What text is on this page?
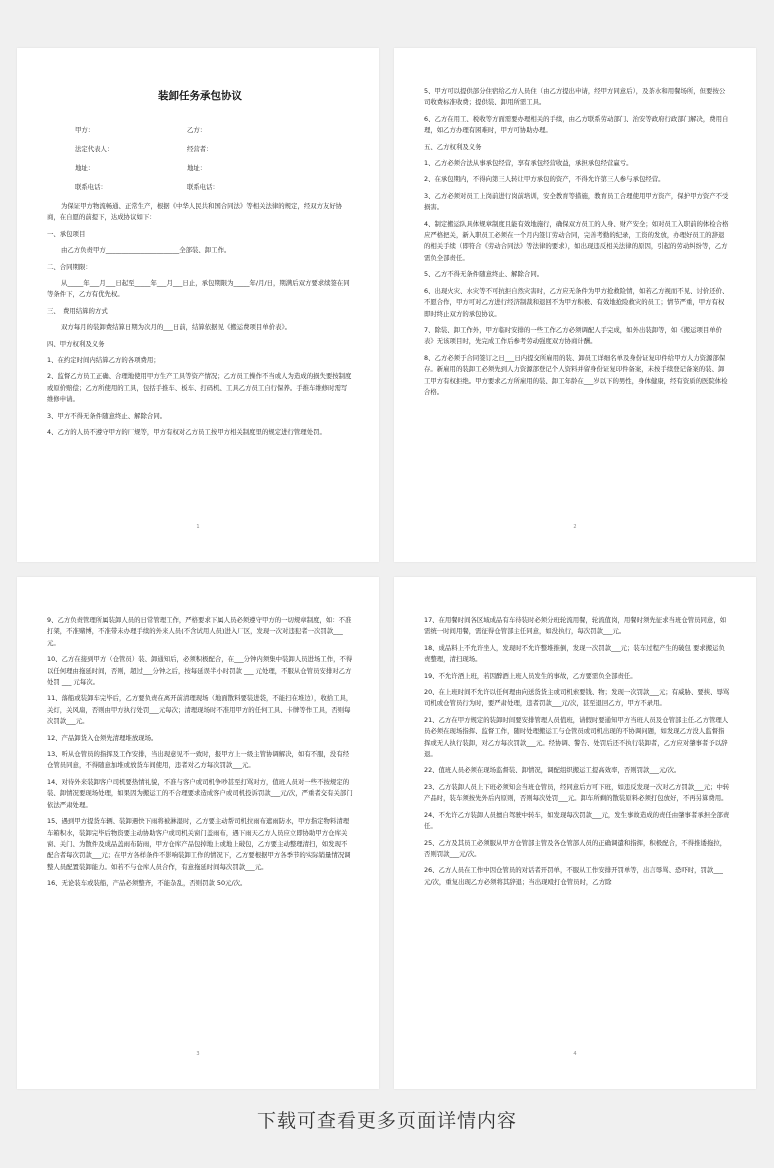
装卸任务承包协议
甲方：	乙方：
法定代表人：	经营者：
地址：	地址：
联系电话：	联系电话：
为保证甲方物流畅通、正常生产，根据《中华人民共和国合同法》等相关法律的规定，经双方友好协商，在自愿的前提下，达成协议如下：
一、承包项目
由乙方负责甲方_______________________全部装、卸工作。
二、合同期限：
从_____年___月___日起至_____年___月___日止，承包期限为_____年/月/日，期满后双方要求续签在同等条件下，乙方有优先权。
三、　费用结算的方式
双方每月的装卸费结算日期为次月的___日前，结算依据见《搬运费项目单价表》。
四、甲方权利及义务
1、在约定时间内结算乙方的各项费用；
2、监督乙方员工正确、合理地使用甲方生产工具等资产情况；乙方员工操作不当或人为造成的损失要按制度或原价赔偿；乙方所使用的工具，包括手推车、板车、打码机、工具乙方员工自行保养。手推车维修时需写维修申请。
3、甲方不得无条件随意终止、解除合同。
4、乙方的人员不遵守甲方的厂规等，甲方有权对乙方员工按甲方相关制度里的规定进行管理处罚。
1
5、甲方可以提供部分住宿给乙方人员住（由乙方提出申请，经甲方同意后），及茶水和用餐场所，但要按公司收费标准收费；提供装、卸用所需工具。
6、乙方在用工、税收等方面需要办理相关的手续，由乙方联系劳动部门、治安等政府行政部门解决，费用自理，如乙方办理有困难时，甲方可协助办理。
五、乙方权利及义务
1、乙方必须合法从事承包经营，享有承包经营收益，承担承包经营赢亏。
2、在承包期内，不得向第三人转让甲方承包的资产，不得允许第三人参与承包经营。
3、乙方必须对员工上岗前进行岗前培训，安全教育等措施，教育员工合理使用甲方资产，保护甲方资产不受损害。
4、制定搬运队具体规章制度且能有效地施行，确保双方员工的人身、财产安全；如对员工入职前的体检合格应严格把关，新入职员工必须在一个月内签订劳动合同，完善考勤的纪录，工资的发放，办理好员工的辞退的相关手续（即符合《劳动合同法》等法律的要求），如出现违反相关法律的原因，引起的劳动纠纷等，乙方需负全部责任。
5、乙方不得无条件随意终止、解除合同。
6、出现火灾、水灾等不可抗拒自然灾害时，乙方应无条件为甲方抢救险情，如若乙方视而不见、讨价还价、不愿合作，甲方可对乙方进行经济制裁和退回不为甲方积极、有效地抢险救灾的员工；情节严重，甲方有权即时终止双方的承包协议。
7、除装、卸工作外，甲方临时安排的一些工作乙方必须调配人手完成，如外出装卸等，如《搬运项目单价表》无该项目时，先完成工作后参考劳动强度双方协商计酬。
8、乙方必须于合同签订之日___日内提交所雇用的装、卸员工详细名单及身份证复印件给甲方人力资源部保存。新雇用的装卸工必须先到人力资源部登记个人资料并留身份证复印件备案，未按手续登记备案的装、卸工甲方有权拒绝。甲方要求乙方所雇用的装、卸工年龄在___岁以下的男性，身体健康，经有资质的医院体检合格。
2
9、乙方负责管理所属装卸人员的日常管理工作，严格要求下属人员必须遵守甲方的一切规章制度，如：不准打架，不准赌博，不准带未办理手续的外来人员(不含试用人员)进入厂区，发现一次对违犯者一次罚款___元。
10、乙方在接到甲方（仓管员）装、卸通知后，必须积极配合，在___分钟内须集中装卸人员进场工作，不得以任何理由拖延时间，否则，超过___分钟之后，按每延误半小时罚款 ___ 元处理，不服从仓管员安排对乙方处罚 ___ 元每次。
11、落船或装卸车完毕后，乙方要负责在离开前清理现场（地面散料要装进袋，不能扫在堆边），收拾工具，关灯，关风扇，否则由甲方执行处罚___元每次；清理现场时不准用甲方的任何工具、卡牌等作工具，否则每次罚款___元。
12、产品卸货入仓须先清理堆放现场。
13、听从仓管员的指挥及工作安排，当出现意见不一致时，报甲方上一级主管协调解决，如有不服，没有经仓管员同意，不得随意加堆或放货车间使用，违者对乙方每次罚款___元。
14、对待外来装卸客户司机要热情礼貌，不准与客户或司机争吵甚至打骂对方，值班人员对一些不按规定的装、卸情况要现场处理，如果因为搬运工的不合理要求造成客户或司机投诉罚款___元/次，严重者交有关部门依法严肃处理。
15、遇到甲方提货车辆、装卸遇快下雨将被淋湿时，乙方要主动帮司机拉雨布遮雨防水，甲方指定物料清理车箱积水，装卸完毕后物资要主动协助客户或司机关窗门盖雨布，遇下雨天乙方人员应立即协助甲方仓库关窗、关门、为散件及成品盖雨布防雨，甲方仓库产品包掉地上或地上破包，乙方要主动整理清扫，如发现不配合者每次罚款___元；在甲方各样条件不影响装卸工作的情况下，乙方要根据甲方各季节的实际销量情况调整人员配置装卸能力。如若不与仓库人员合作，有意拖延时间每次罚款___元。
16、无论装车或装船，产品必须整齐，不能杂乱，否则罚款 50元/次。
3
17、在用餐时间各区域成品有车待装时必须分班轮流用餐，轮流值岗，用餐时须先征求当班仓管员同意，如需统一时间用餐，需征得仓管部主任同意，如没执行，每次罚款___元。
18、成品料上不允许坐人，发现时不允许整堆推倒，发现一次罚款___元；装车过程产生的破包 要求搬运负责整理，清扫现场。
19、不允许酒上班，若因醉酒上班人员发生的事故，乙方要需负全部责任。
20、在上班时间不允许以任何理由向送货货主或司机索要钱、物；发现一次罚款___元；有威胁、要挟、辱骂司机或仓管员行为时，要严肃处理，违者罚款___元/次，甚至退回乙方，甲方不录用。
21、乙方在甲方规定的装卸时间要安排管理人员值班，请假时要通知甲方当班人员及仓管部主任,乙方管理人员必须在现场指挥、监督工作，随时处理搬运工与仓管员或司机出现的不协调问题，如发现乙方没人监督指挥或无人执行装卸，对乙方每次罚款___元。经协调、警告、处罚后还不执行装卸者，乙方应对肇事者予以辞退。
22、值班人员必须在现场监督装、卸情况，调配组织搬运工提高效率，否则罚款___元/次。
23、乙方装卸人员上下班必须知会当班仓管员，经同意后方可下班，如违反发现一次对乙方罚款___元；中转产品时，装车须按先外后内原则，否则每次处罚___元。卸车所剩的散装原料必须打包放好，不再另算费用。
24、不允许乙方装卸人员擅自驾驶中转车，如发现每次罚款___元，发生事故造成的责任由肇事者承担全部责任。
25、乙方及其员工必须服从甲方仓管部主管及各仓管部人员的正确调遣和指挥，积极配合，不得推诿拖拉，否则罚款___元/次。
26、乙方人员在工作中因仓管员的对话者开罚单，不服从工作安排开罚单等，出言辱骂、恐吓时，罚款___元/次，重复出现乙方必须将其辞退；当出现殴打仓管员时，乙方除
4
下载可查看更多页面详情内容
